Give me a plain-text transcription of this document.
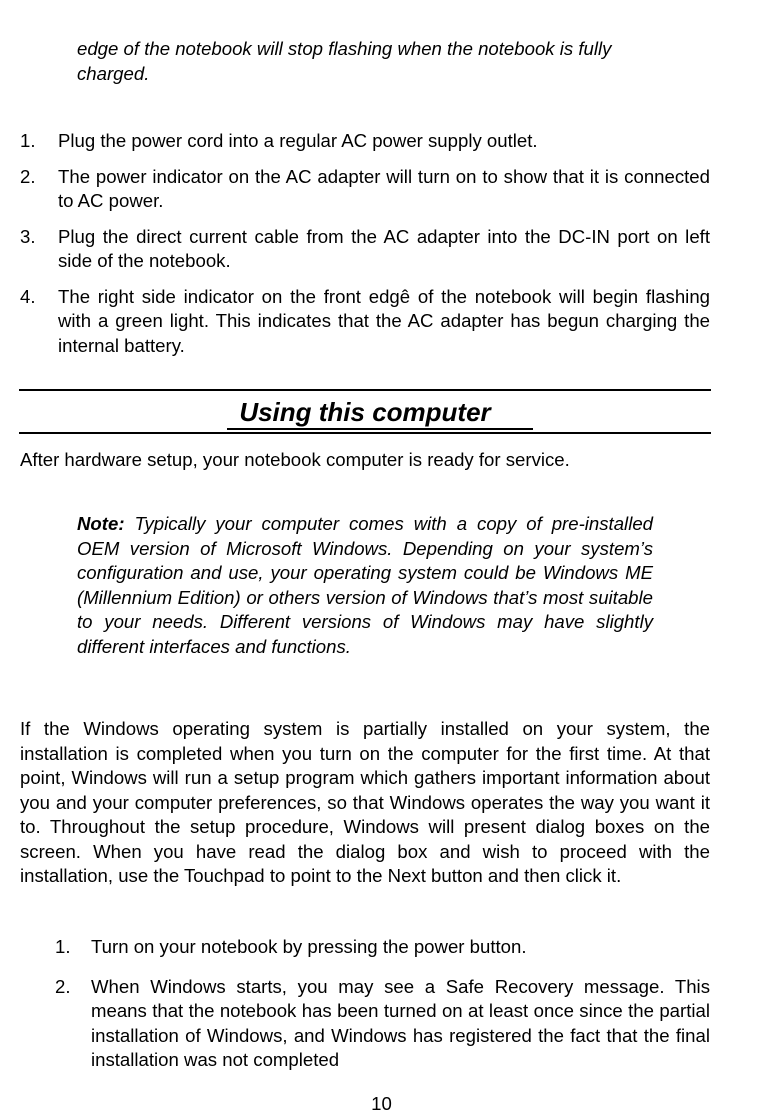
edge of the notebook will stop flashing when the notebook is fully charged.
1. Plug the power cord into a regular AC power supply outlet.
2. The power indicator on the AC adapter will turn on to show that it is connected to AC power.
3. Plug the direct current cable from the AC adapter into the DC-IN port on left side of the notebook.
4. The right side indicator on the front edgê of the notebook will begin flashing with a green light. This indicates that the AC adapter has begun charging the internal battery.
Using this computer
After hardware setup, your notebook computer is ready for service.
Note: Typically your computer comes with a copy of pre-installed OEM version of Microsoft Windows. Depending on your system’s configuration and use, your operating system could be Windows ME (Millennium Edition) or others version of Windows that’s most suitable to your needs. Different versions of Windows may have slightly different interfaces and functions.
If the Windows operating system is partially installed on your system, the installation is completed when you turn on the computer for the first time. At that point, Windows will run a setup program which gathers important information about you and your computer preferences, so that Windows operates the way you want it to. Throughout the setup procedure, Windows will present dialog boxes on the screen. When you have read the dialog box and wish to proceed with the installation, use the Touchpad to point to the Next button and then click it.
1. Turn on your notebook by pressing the power button.
2. When Windows starts, you may see a Safe Recovery message. This means that the notebook has been turned on at least once since the partial installation of Windows, and Windows has registered the fact that the final installation was not completed
10
